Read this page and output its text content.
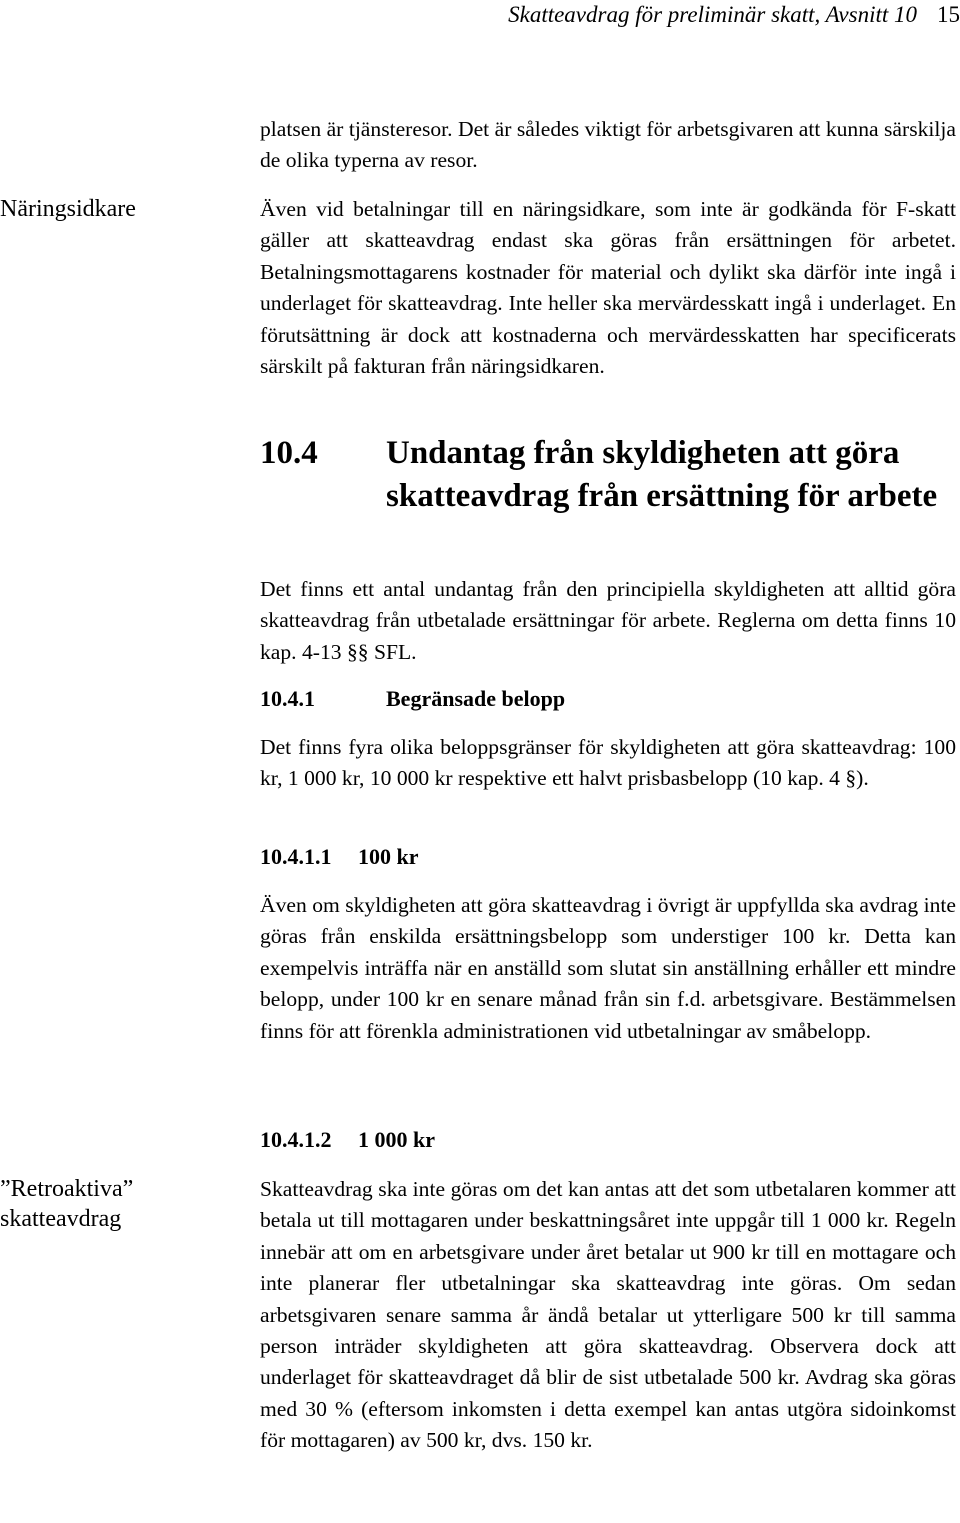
Skatteavdrag för preliminär skatt, Avsnitt 10 15
Näringsidkare
”Retroaktiva” skatteavdrag

platsen är tjänsteresor. Det är således viktigt för arbetsgivaren att kunna särskilja de olika typerna av resor.

Även vid betalningar till en näringsidkare, som inte är godkända för F-skatt gäller att skatteavdrag endast ska göras från ersättningen för arbetet. Betalningsmottagarens kostnader för material och dylikt ska därför inte ingå i underlaget för skatteavdrag. Inte heller ska mervärdesskatt ingå i underlaget. En förutsättning är dock att kostnaderna och mervärdesskatten har specificerats särskilt på fakturan från näringsidkaren.

10.4 Undantag från skyldigheten att göra skatteavdrag från ersättning för arbete

Det finns ett antal undantag från den principiella skyldigheten att alltid göra skatteavdrag från utbetalade ersättningar för arbete. Reglerna om detta finns 10 kap. 4-13 §§ SFL.

10.4.1	Begränsade belopp

Det finns fyra olika beloppsgränser för skyldigheten att göra skatteavdrag: 100 kr, 1 000 kr, 10 000 kr respektive ett halvt prisbasbelopp (10 kap. 4 §).

10.4.1.1 100 kr

Även om skyldigheten att göra skatteavdrag i övrigt är uppfyllda ska avdrag inte göras från enskilda ersättningsbelopp som understiger 100 kr. Detta kan exempelvis inträffa när en anställd som slutat sin anställning erhåller ett mindre belopp, under 100 kr en senare månad från sin f.d. arbetsgivare. Bestämmelsen finns för att förenkla administrationen vid utbetalningar av småbelopp.

10.4.1.2 1 000 kr

Skatteavdrag ska inte göras om det kan antas att det som utbetalaren kommer att betala ut till mottagaren under beskattningsåret inte uppgår till 1 000 kr. Regeln innebär att om en arbetsgivare under året betalar ut 900 kr till en mottagare och inte planerar fler utbetalningar ska skatteavdrag inte göras. Om sedan arbetsgivaren senare samma år ändå betalar ut ytterligare 500 kr till samma person inträder skyldigheten att göra skatteavdrag. Observera dock att underlaget för skatteavdraget då blir de sist utbetalade 500 kr. Avdrag ska göras med 30 % (eftersom inkomsten i detta exempel kan antas utgöra sidoinkomst för mottagaren) av 500 kr, dvs. 150 kr.
